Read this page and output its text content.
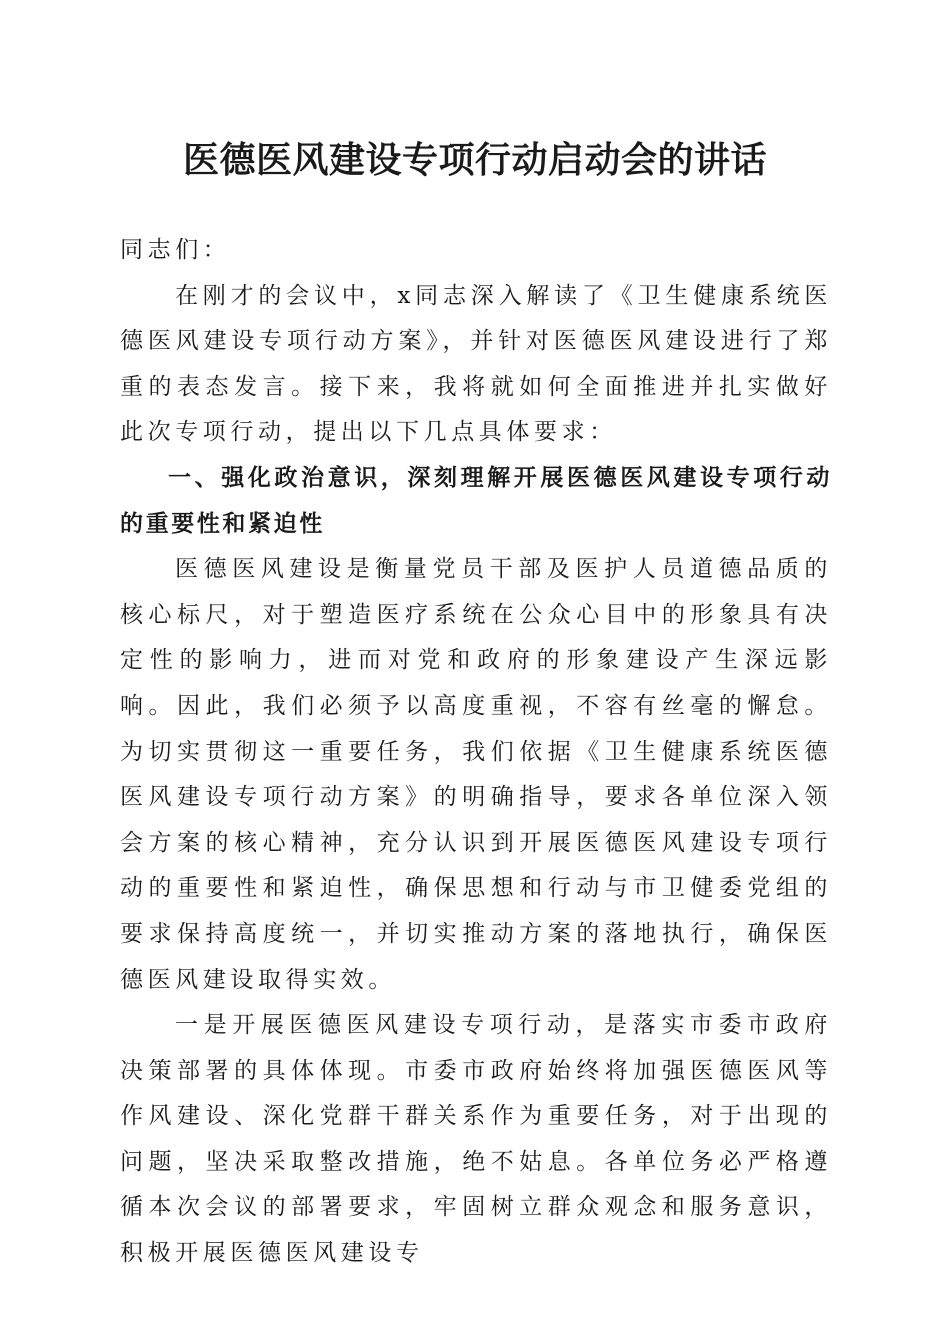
医德医风建设专项行动启动会的讲话

同志们：

在刚才的会议中，x同志深入解读了《卫生健康系统医德医风建设专项行动方案》，并针对医德医风建设进行了郑重的表态发言。接下来，我将就如何全面推进并扎实做好此次专项行动，提出以下几点具体要求：

一、强化政治意识，深刻理解开展医德医风建设专项行动的重要性和紧迫性

医德医风建设是衡量党员干部及医护人员道德品质的核心标尺，对于塑造医疗系统在公众心目中的形象具有决定性的影响力，进而对党和政府的形象建设产生深远影响。因此，我们必须予以高度重视，不容有丝毫的懈怠。为切实贯彻这一重要任务，我们依据《卫生健康系统医德医风建设专项行动方案》的明确指导，要求各单位深入领会方案的核心精神，充分认识到开展医德医风建设专项行动的重要性和紧迫性，确保思想和行动与市卫健委党组的要求保持高度统一，并切实推动方案的落地执行，确保医德医风建设取得实效。

一是开展医德医风建设专项行动，是落实市委市政府决策部署的具体体现。市委市政府始终将加强医德医风等作风建设、深化党群干群关系作为重要任务，对于出现的问题，坚决采取整改措施，绝不姑息。各单位务必严格遵循本次会议的部署要求，牢固树立群众观念和服务意识，积极开展医德医风建设专
